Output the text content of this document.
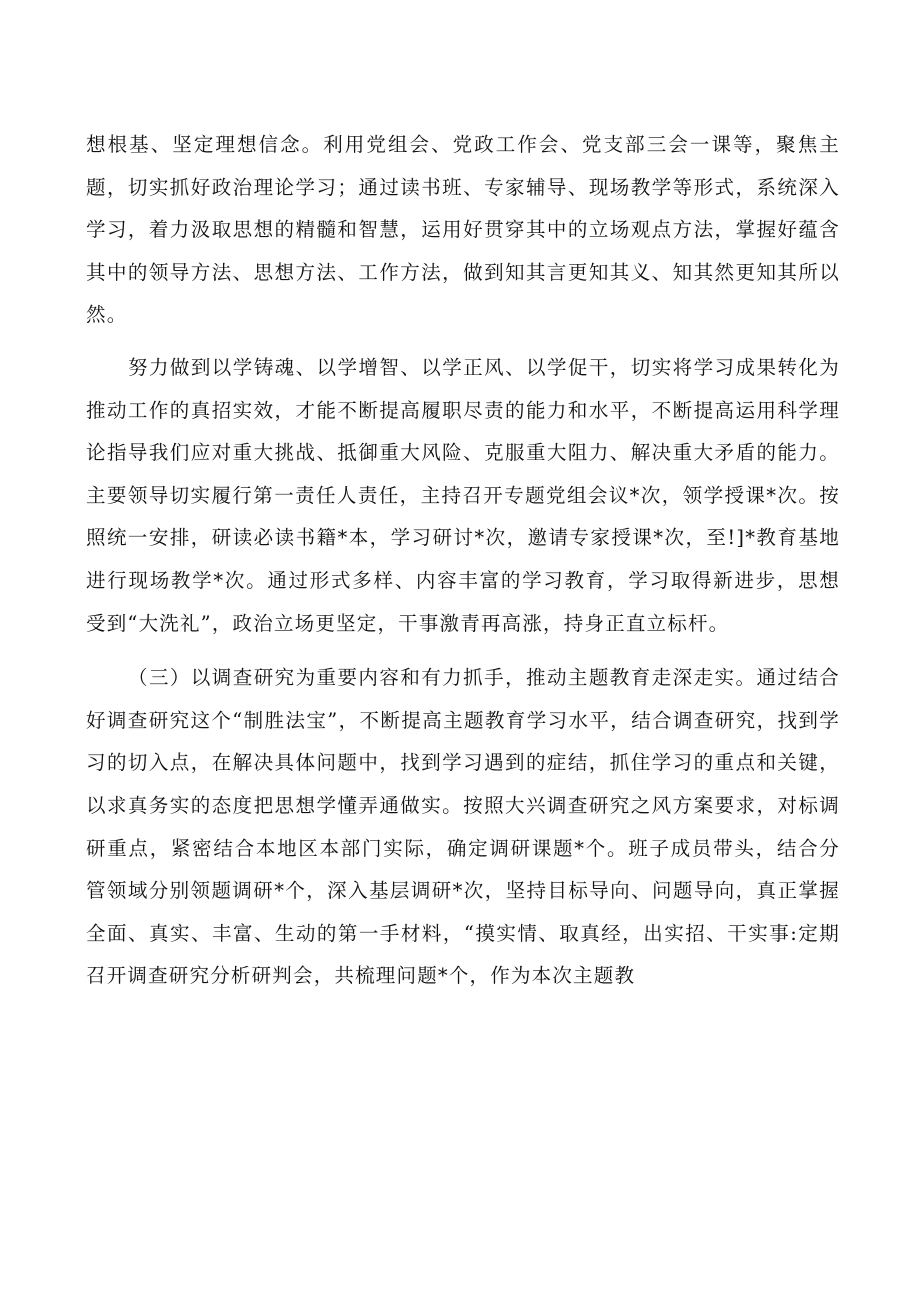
想根基、坚定理想信念。利用党组会、党政工作会、党支部三会一课等，聚焦主题，切实抓好政治理论学习；通过读书班、专家辅导、现场教学等形式，系统深入学习，着力汲取思想的精髓和智慧，运用好贯穿其中的立场观点方法，掌握好蕴含其中的领导方法、思想方法、工作方法，做到知其言更知其义、知其然更知其所以然。

努力做到以学铸魂、以学增智、以学正风、以学促干，切实将学习成果转化为推动工作的真招实效，才能不断提高履职尽责的能力和水平，不断提高运用科学理论指导我们应对重大挑战、抵御重大风险、克服重大阻力、解决重大矛盾的能力。主要领导切实履行第一责任人责任，主持召开专题党组会议*次，领学授课*次。按照统一安排，研读必读书籍*本，学习研讨*次，邀请专家授课*次，至!]*教育基地进行现场教学*次。通过形式多样、内容丰富的学习教育，学习取得新进步，思想受到“大洗礼”，政治立场更坚定，干事激青再高涨，持身正直立标杆。

（三）以调查研究为重要内容和有力抓手，推动主题教育走深走实。通过结合好调查研究这个“制胜法宝”，不断提高主题教育学习水平，结合调查研究，找到学习的切入点，在解决具体问题中，找到学习遇到的症结，抓住学习的重点和关键，以求真务实的态度把思想学懂弄通做实。按照大兴调查研究之风方案要求，对标调研重点，紧密结合本地区本部门实际，确定调研课题*个。班子成员带头，结合分管领域分别领题调研*个，深入基层调研*次，坚持目标导向、问题导向，真正掌握全面、真实、丰富、生动的第一手材料，“摸实情、取真经，出实招、干实事:定期召开调查研究分析研判会，共梳理问题*个，作为本次主题教
